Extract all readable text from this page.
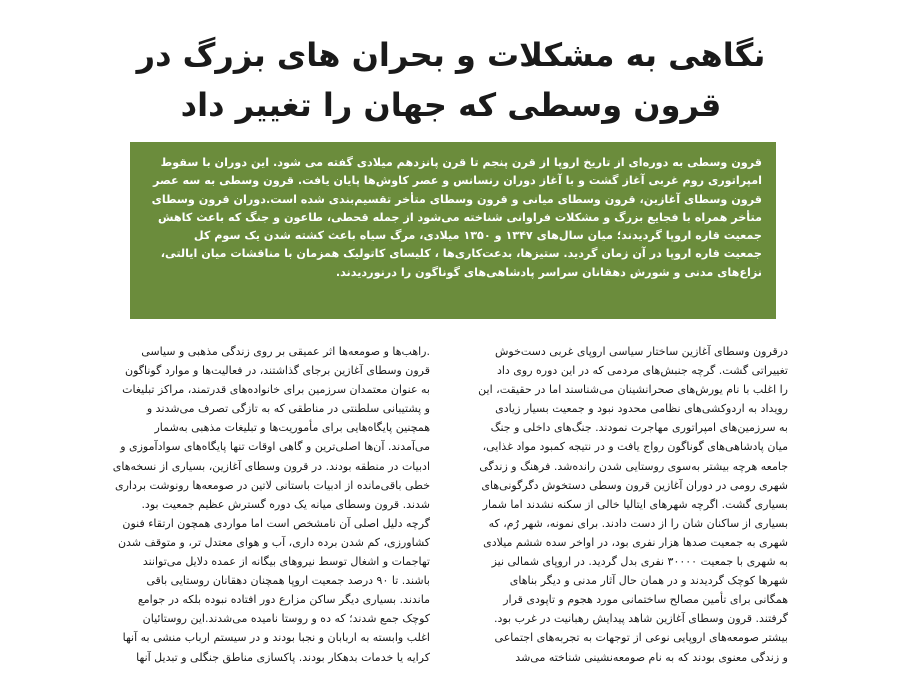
نگاهی به مشکلات و بحران های بزرگ در
قرون وسطی که جهان را تغییر داد
قرون وسطی به دوره‌ای از تاریخ اروپا از قرن پنجم تا قرن پانزدهم میلادی گفته می شود. این دوران با سقوط
امپراتوری روم غربی آغاز گشت و با آغاز دوران رنسانس و عصر کاوش‌ها پایان یافت. قرون وسطی به سه عصر
قرون وسطای آغازین، قرون وسطای میانی و قرون وسطای متأخر تقسیم‌بندی شده است.دوران قرون وسطای
متأخر همراه با فجایع بزرگ و مشکلات فراوانی شناخته می‌شود از جمله قحطی، طاعون و جنگ که باعث کاهش
جمعیت قاره اروپا گردیدند؛ میان سال‌های ۱۳۴۷ و ۱۳۵۰ میلادی، مرگ سیاه باعث کشته شدن یک سوم کل
جمعیت قاره اروپا در آن زمان گردید. ستیزها، بدعت‌کاری‌ها ، کلیسای کاتولیک همزمان با مناقشات میان ایالتی،
نزاع‌های مدنی و شورش دهقانان سراسر پادشاهی‌های گوناگون را درنوردیدند.
درقرون وسطای آغازین ساختار سیاسی اروپای غربی دست‌خوش
تغییراتی گشت. گرچه جنبش‌های مردمی که در این دوره روی داد
را اغلب با نام یورش‌های صحرانشینان می‌شناسند اما در حقیقت، این
رویداد به اردوکشی‌های نظامی محدود نبود و جمعیت بسیار زیادی
به سرزمین‌های امپراتوری مهاجرت نمودند. جنگ‌های داخلی و جنگ
میان پادشاهی‌های گوناگون رواج یافت و در نتیجه کمبود مواد غذایی،
جامعه هرچه بیشتر به‌سوی روستایی شدن راندەشد. فرهنگ و زندگی
شهری رومی در دوران آغازین قرون وسطی دستخوش دگرگونی‌های
بسیاری گشت. اگرچه شهرهای ایتالیا خالی از سکنه نشدند اما شمار
بسیاری از ساکنان شان را از دست دادند. برای نمونه، شهر رُم، که
شهری به جمعیت صدها هزار نفری بود، در اواخر سده ششم میلادی
به شهری با جمعیت ۳۰۰۰۰ نفری بدل گردید. در اروپای شمالی نیز
شهرها کوچک گردیدند و در همان حال آثار مدنی و دیگر بناهای
همگانی برای تأمین مصالح ساختمانی مورد هجوم و تاپودی قرار
گرفتند. قرون وسطای آغازین شاهد پیدایش رهبانیت در غرب بود.
بیشتر صومعه‌های اروپایی نوعی از توجهات به تجربه‌های اجتماعی
و زندگی معنوی بودند که به نام صومعه‌نشینی شناخته می‌شد
.راهب‌ها و صومعه‌ها اثر عمیقی بر روی زندگی مذهبی و سیاسی
قرون وسطای آغازین برجای گذاشتند، در فعالیت‌ها و موارد گوناگون
به عنوان معتمدان سرزمین برای خانواده‌های قدرتمند، مراکز تبلیغات
و پشتیبانی سلطنتی در مناطقی که به تازگی تصرف می‌شدند و
همچنین پایگاه‌هایی برای مأموریت‌ها و تبلیغات مذهبی به‌شمار
می‌آمدند. آن‌ها اصلی‌ترین و گاهی اوقات تنها پایگاه‌های سوادآموزی و
ادبیات در منطقه بودند. در قرون وسطای آغازین، بسیاری از نسخه‌های
خطی باقی‌مانده از ادبیات باستانی لاتین در صومعه‌ها رونوشت برداری
شدند. قرون وسطای میانه یک دوره گسترش عظیم جمعیت بود.
گرچه دلیل اصلی آن نامشخص است اما مواردی همچون ارتقاء فنون
کشاورزی، کم شدن برده داری، آب و هوای معتدل تر، و متوقف شدن
تهاجمات و اشغال توسط نیروهای بیگانه از عمده دلایل می‌توانند
باشند. تا ۹۰ درصد جمعیت اروپا همچنان دهقانان روستایی باقی
ماندند. بسیاری دیگر ساکن مزارع دور افتاده نبوده بلکه در جوامع
کوچک جمع شدند؛ که ده و روستا نامیده می‌شدند.این روستائیان
اغلب وابسته به اربابان و نجبا بودند و در سیستم ارباب منشی به آنها
کرایه یا خدمات بدهکار بودند. پاکسازی مناطق جنگلی و تبدیل آنها
